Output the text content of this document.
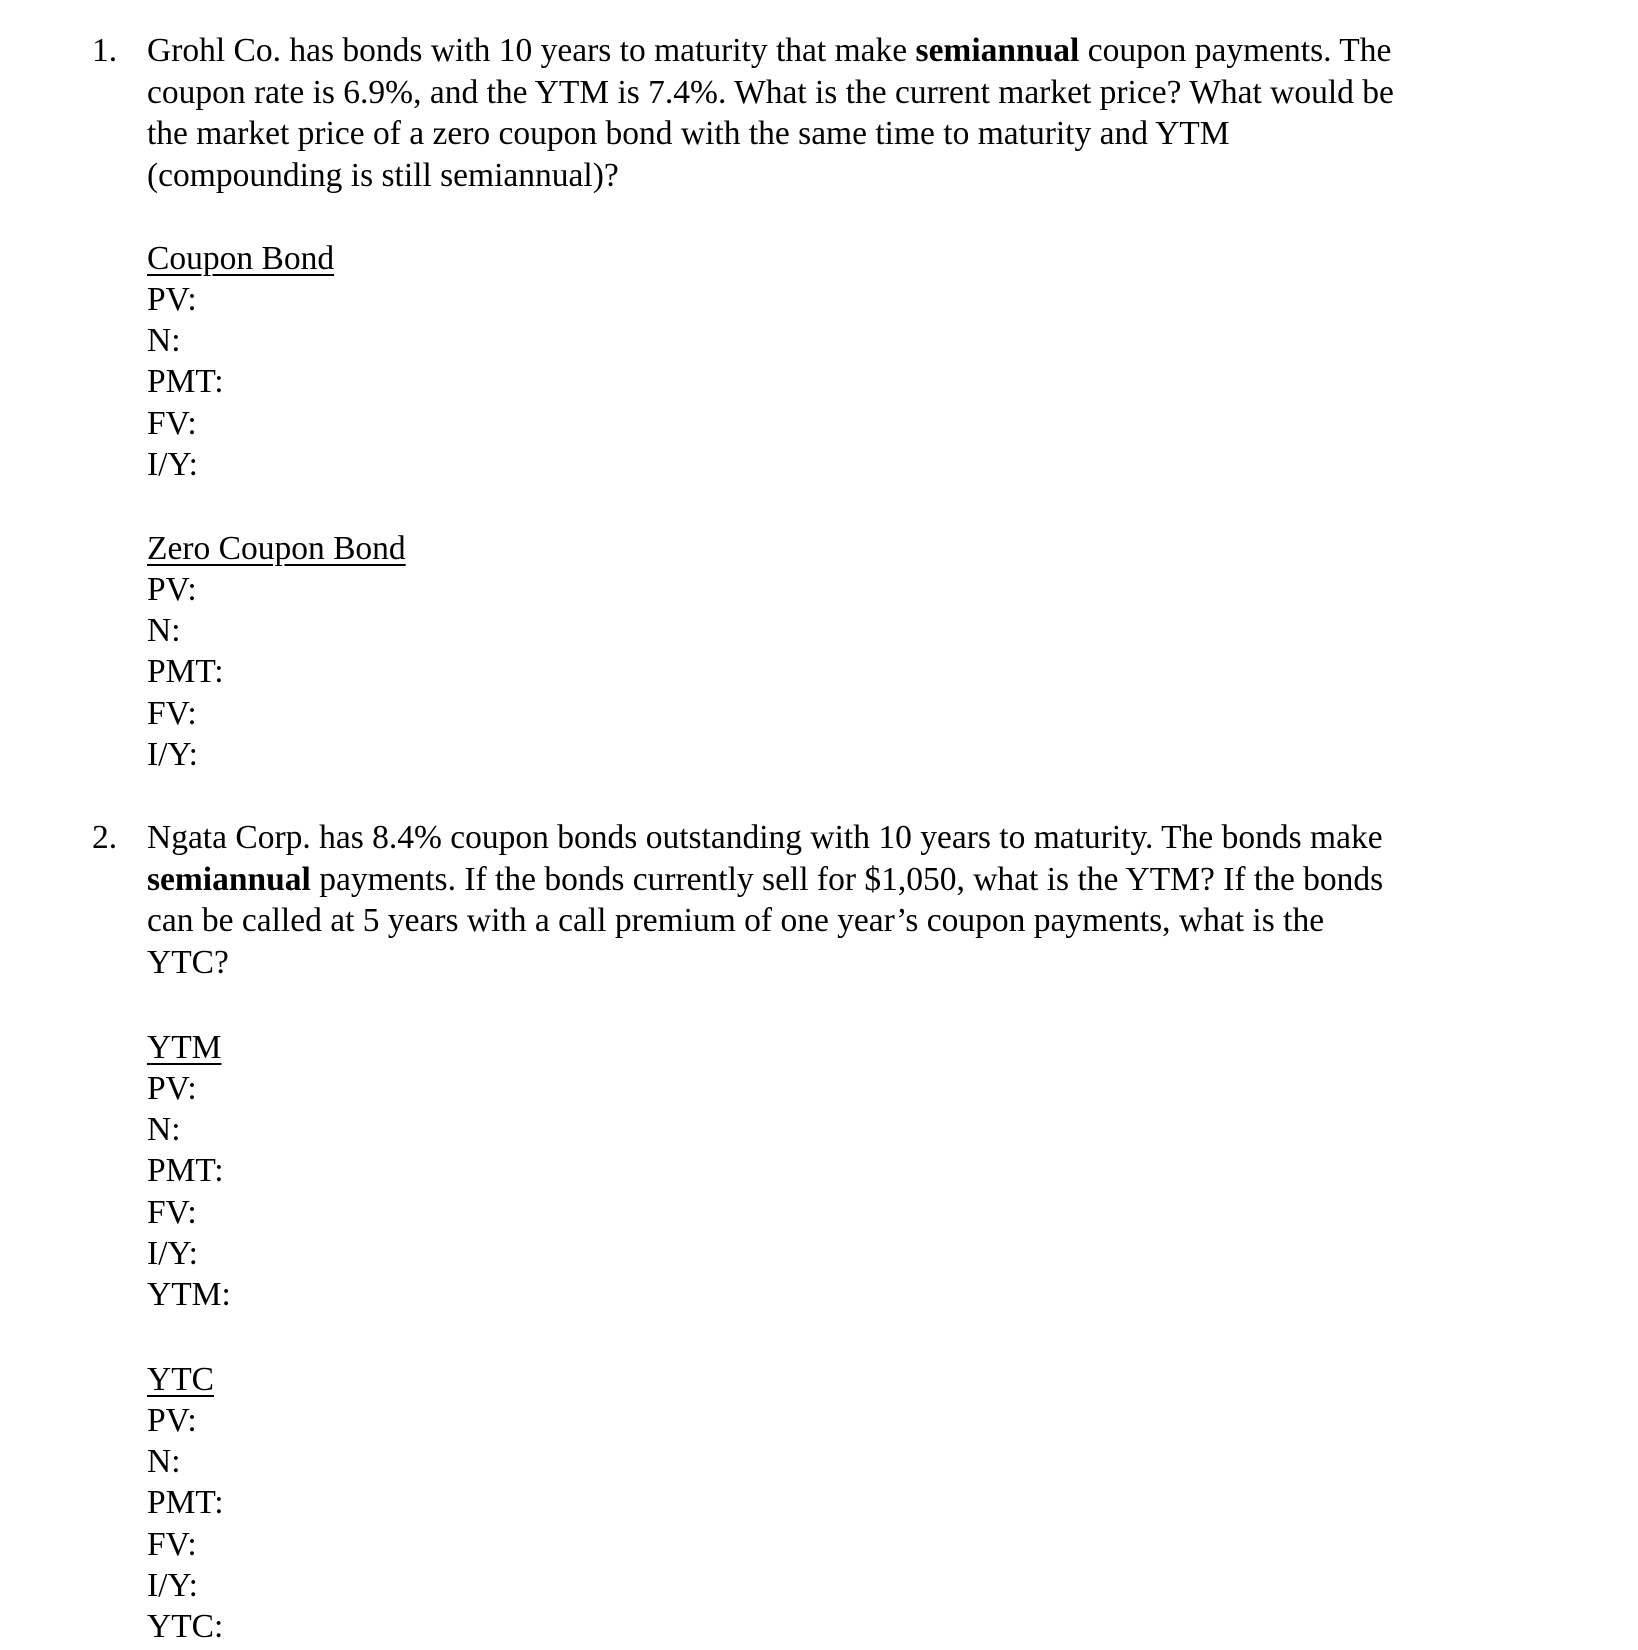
1. Grohl Co. has bonds with 10 years to maturity that make semiannual coupon payments. The
coupon rate is 6.9%, and the YTM is 7.4%. What is the current market price? What would be
the market price of a zero coupon bond with the same time to maturity and YTM
(compounding is still semiannual)?
Coupon Bond
PV:
N:
PMT:
FV:
I/Y:
Zero Coupon Bond
PV:
N:
PMT:
FV:
I/Y:
2. Ngata Corp. has 8.4% coupon bonds outstanding with 10 years to maturity. The bonds make
semiannual payments. If the bonds currently sell for $1,050, what is the YTM? If the bonds
can be called at 5 years with a call premium of one year’s coupon payments, what is the
YTC?
YTM
PV:
N:
PMT:
FV:
I/Y:
YTM:
YTC
PV:
N:
PMT:
FV:
I/Y:
YTC:
